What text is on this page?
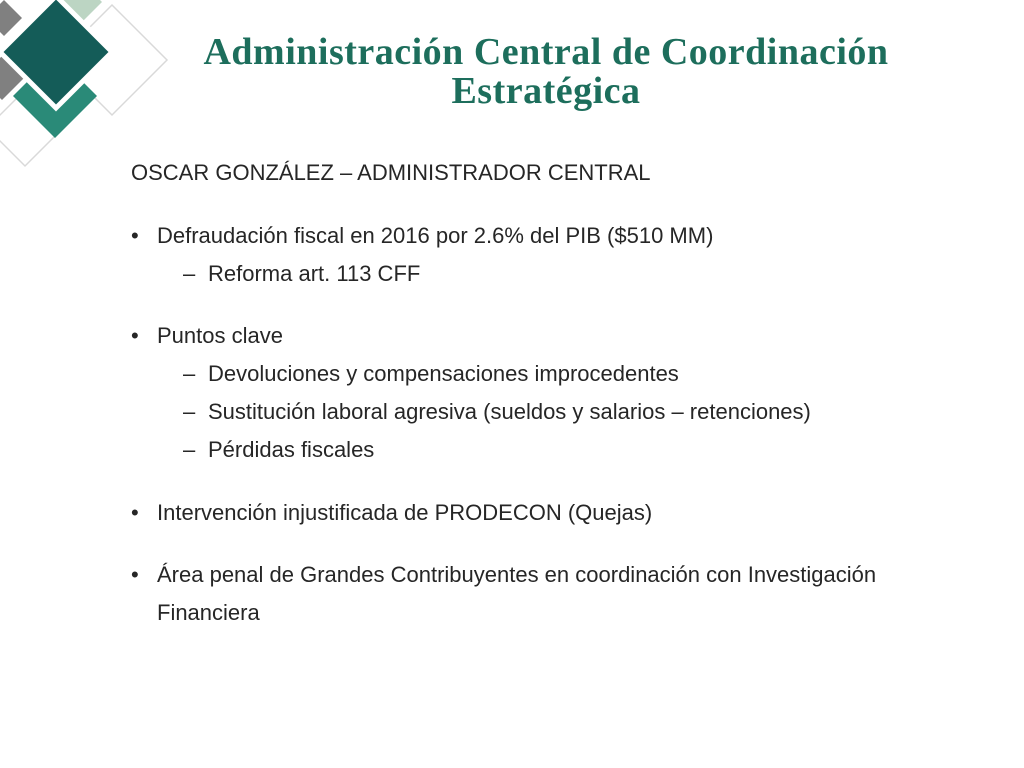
Administración Central de Coordinación Estratégica

OSCAR GONZÁLEZ – ADMINISTRADOR CENTRAL

• Defraudación fiscal en 2016 por 2.6% del PIB ($510 MM)
– Reforma art. 113 CFF
• Puntos clave
– Devoluciones y compensaciones improcedentes
– Sustitución laboral agresiva (sueldos y salarios – retenciones)
– Pérdidas fiscales
• Intervención injustificada de PRODECON (Quejas)
• Área penal de Grandes Contribuyentes en coordinación con Investigación Financiera
